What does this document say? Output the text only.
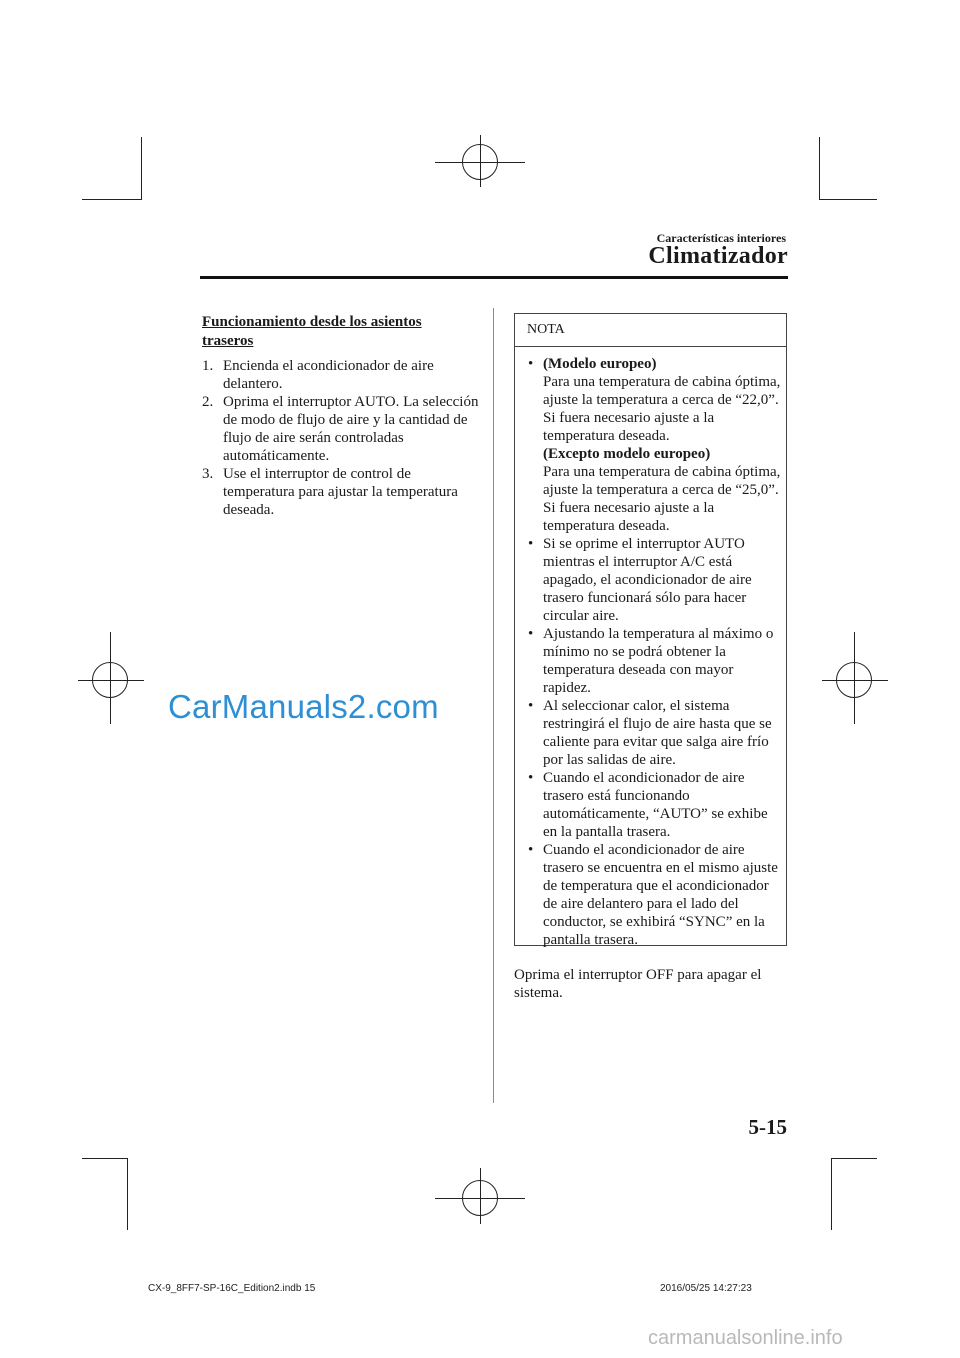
Características interiores
Climatizador
Funcionamiento desde los asientos
traseros
1. Encienda el acondicionador de aire delantero.
2. Oprima el interruptor AUTO. La selección de modo de flujo de aire y la cantidad de flujo de aire serán controladas automáticamente.
3. Use el interruptor de control de temperatura para ajustar la temperatura deseada.
NOTA
• (Modelo europeo)
Para una temperatura de cabina óptima, ajuste la temperatura a cerca de “22,0”. Si fuera necesario ajuste a la temperatura deseada.
(Excepto modelo europeo)
Para una temperatura de cabina óptima, ajuste la temperatura a cerca de “25,0”. Si fuera necesario ajuste a la temperatura deseada.
• Si se oprime el interruptor AUTO mientras el interruptor A/C está apagado, el acondicionador de aire trasero funcionará sólo para hacer circular aire.
• Ajustando la temperatura al máximo o mínimo no se podrá obtener la temperatura deseada con mayor rapidez.
• Al seleccionar calor, el sistema restringirá el flujo de aire hasta que se caliente para evitar que salga aire frío por las salidas de aire.
• Cuando el acondicionador de aire trasero está funcionando automáticamente, “AUTO” se exhibe en la pantalla trasera.
• Cuando el acondicionador de aire trasero se encuentra en el mismo ajuste de temperatura que el acondicionador de aire delantero para el lado del conductor, se exhibirá “SYNC” en la pantalla trasera.
Oprima el interruptor OFF para apagar el sistema.
5-15
CarManuals2.com
CX-9_8FF7-SP-16C_Edition2.indb 15	2016/05/25 14:27:23
carmanualsonline.info
